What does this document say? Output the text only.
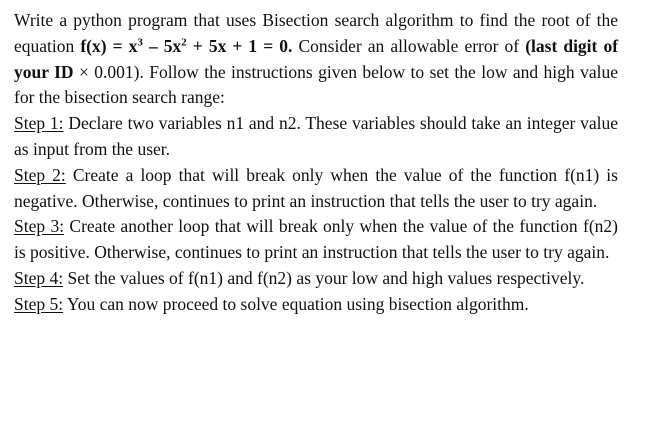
Write a python program that uses Bisection search algorithm to find the root of the equation $f(x) = x^3 - 5x^2 + 5x + 1 = 0$. Consider an allowable error of (last digit of your ID × 0.001). Follow the instructions given below to set the low and high value for the bisection search range:

Step 1: Declare two variables n1 and n2. These variables should take an integer value as input from the user.

Step 2: Create a loop that will break only when the value of the function f(n1) is negative. Otherwise, continues to print an instruction that tells the user to try again.

Step 3: Create another loop that will break only when the value of the function f(n2) is positive. Otherwise, continues to print an instruction that tells the user to try again.

Step 4: Set the values of f(n1) and f(n2) as your low and high values respectively.

Step 5: You can now proceed to solve equation using bisection algorithm.
